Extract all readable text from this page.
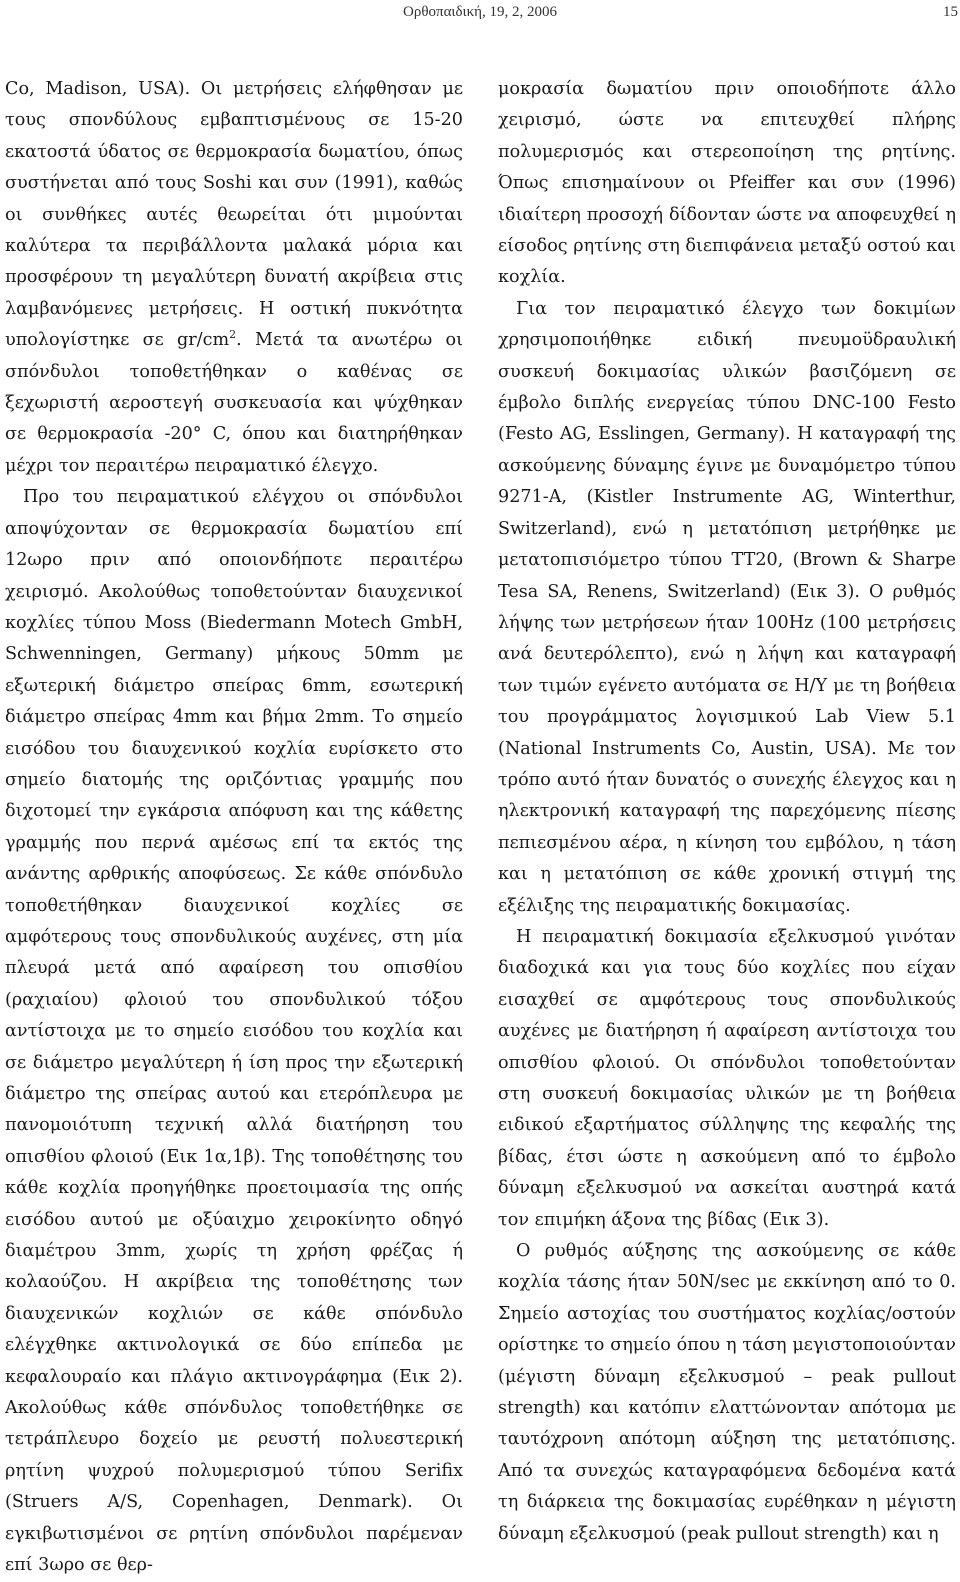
Ορθοπαιδική, 19, 2, 2006	15

Co, Madison, USA). Οι μετρήσεις ελήφθησαν με τους σπονδύλους εμβαπτισμένους σε 15-20 εκατοστά ύδατος σε θερμοκρασία δωματίου, όπως συστήνεται από τους Soshi και συν (1991), καθώς οι συνθήκες αυτές θεωρείται ότι μιμούνται καλύτερα τα περιβάλλοντα μαλακά μόρια και προσφέρουν τη μεγαλύτερη δυνατή ακρίβεια στις λαμβανόμενες μετρήσεις. Η οστική πυκνότητα υπολογίστηκε σε $gr/cm^2$. Μετά τα ανωτέρω οι σπόνδυλοι τοποθετήθηκαν ο καθένας σε ξεχωριστή αεροστεγή συσκευασία και ψύχθηκαν σε θερμοκρασία -20° C, όπου και διατηρήθηκαν μέχρι τον περαιτέρω πειραματικό έλεγχο.

Προ του πειραματικού ελέγχου οι σπόνδυλοι αποψύχονταν σε θερμοκρασία δωματίου επί 12ωρο πριν από οποιονδήποτε περαιτέρω χειρισμό. Ακολούθως τοποθετούνταν διαυχενικοί κοχλίες τύπου Moss (Biedermann Motech GmbH, Schwenningen, Germany) μήκους 50mm με εξωτερική διάμετρο σπείρας 6mm, εσωτερική διάμετρο σπείρας 4mm και βήμα 2mm. Το σημείο εισόδου του διαυχενικού κοχλία ευρίσκετο στο σημείο διατομής της οριζόντιας γραμμής που διχοτομεί την εγκάρσια απόφυση και της κάθετης γραμμής που περνά αμέσως επί τα εκτός της ανάντης αρθρικής αποφύσεως. Σε κάθε σπόνδυλο τοποθετήθηκαν διαυχενικοί κοχλίες σε αμφότερους τους σπονδυλικούς αυχένες, στη μία πλευρά μετά από αφαίρεση του οπισθίου (ραχιαίου) φλοιού του σπονδυλικού τόξου αντίστοιχα με το σημείο εισόδου του κοχλία και σε διάμετρο μεγαλύτερη ή ίση προς την εξωτερική διάμετρο της σπείρας αυτού και ετερόπλευρα με πανομοιότυπη τεχνική αλλά διατήρηση του οπισθίου φλοιού (Εικ 1α,1β). Της τοποθέτησης του κάθε κοχλία προηγήθηκε προετοιμασία της οπής εισόδου αυτού με οξύαιχμο χειροκίνητο οδηγό διαμέτρου 3mm, χωρίς τη χρήση φρέζας ή κολαούζου. Η ακρίβεια της τοποθέτησης των διαυχενικών κοχλιών σε κάθε σπόνδυλο ελέγχθηκε ακτινολογικά σε δύο επίπεδα με κεφαλουραίο και πλάγιο ακτινογράφημα (Εικ 2). Ακολούθως κάθε σπόνδυλος τοποθετήθηκε σε τετράπλευρο δοχείο με ρευστή πολυεστερική ρητίνη ψυχρού πολυμερισμού τύπου Serifix (Struers A/S, Copenhagen, Denmark). Οι εγκιβωτισμένοι σε ρητίνη σπόνδυλοι παρέμεναν επί 3ωρο σε θερ-

μοκρασία δωματίου πριν οποιοδήποτε άλλο χειρισμό, ώστε να επιτευχθεί πλήρης πολυμερισμός και στερεοποίηση της ρητίνης. Όπως επισημαίνουν οι Pfeiffer και συν (1996) ιδιαίτερη προσοχή δίδονταν ώστε να αποφευχθεί η είσοδος ρητίνης στη διεπιφάνεια μεταξύ οστού και κοχλία.

Για τον πειραματικό έλεγχο των δοκιμίων χρησιμοποιήθηκε ειδική πνευμοϋδραυλική συσκευή δοκιμασίας υλικών βασιζόμενη σε έμβολο διπλής ενεργείας τύπου DNC-100 Festo (Festo AG, Esslingen, Germany). Η καταγραφή της ασκούμενης δύναμης έγινε με δυναμόμετρο τύπου 9271-A, (Kistler Instrumente AG, Winterthur, Switzerland), ενώ η μετατόπιση μετρήθηκε με μετατοπισιόμετρο τύπου TT20, (Brown & Sharpe Tesa SA, Renens, Switzerland) (Εικ 3). Ο ρυθμός λήψης των μετρήσεων ήταν 100Hz (100 μετρήσεις ανά δευτερόλεπτο), ενώ η λήψη και καταγραφή των τιμών εγένετο αυτόματα σε Η/Υ με τη βοήθεια του προγράμματος λογισμικού Lab View 5.1 (National Instruments Co, Austin, USA). Με τον τρόπο αυτό ήταν δυνατός ο συνεχής έλεγχος και η ηλεκτρονική καταγραφή της παρεχόμενης πίεσης πεπιεσμένου αέρα, η κίνηση του εμβόλου, η τάση και η μετατόπιση σε κάθε χρονική στιγμή της εξέλιξης της πειραματικής δοκιμασίας.

Η πειραματική δοκιμασία εξελκυσμού γινόταν διαδοχικά και για τους δύο κοχλίες που είχαν εισαχθεί σε αμφότερους τους σπονδυλικούς αυχένες με διατήρηση ή αφαίρεση αντίστοιχα του οπισθίου φλοιού. Οι σπόνδυλοι τοποθετούνταν στη συσκευή δοκιμασίας υλικών με τη βοήθεια ειδικού εξαρτήματος σύλληψης της κεφαλής της βίδας, έτσι ώστε η ασκούμενη από το έμβολο δύναμη εξελκυσμού να ασκείται αυστηρά κατά τον επιμήκη άξονα της βίδας (Εικ 3).

Ο ρυθμός αύξησης της ασκούμενης σε κάθε κοχλία τάσης ήταν 50N/sec με εκκίνηση από το 0. Σημείο αστοχίας του συστήματος κοχλίας/οστούν ορίστηκε το σημείο όπου η τάση μεγιστοποιούνταν (μέγιστη δύναμη εξελκυσμού – peak pullout strength) και κατόπιν ελαττώνονταν απότομα με ταυτόχρονη απότομη αύξηση της μετατόπισης. Από τα συνεχώς καταγραφόμενα δεδομένα κατά τη διάρκεια της δοκιμασίας ευρέθηκαν η μέγιστη δύναμη εξελκυσμού (peak pullout strength) και η
